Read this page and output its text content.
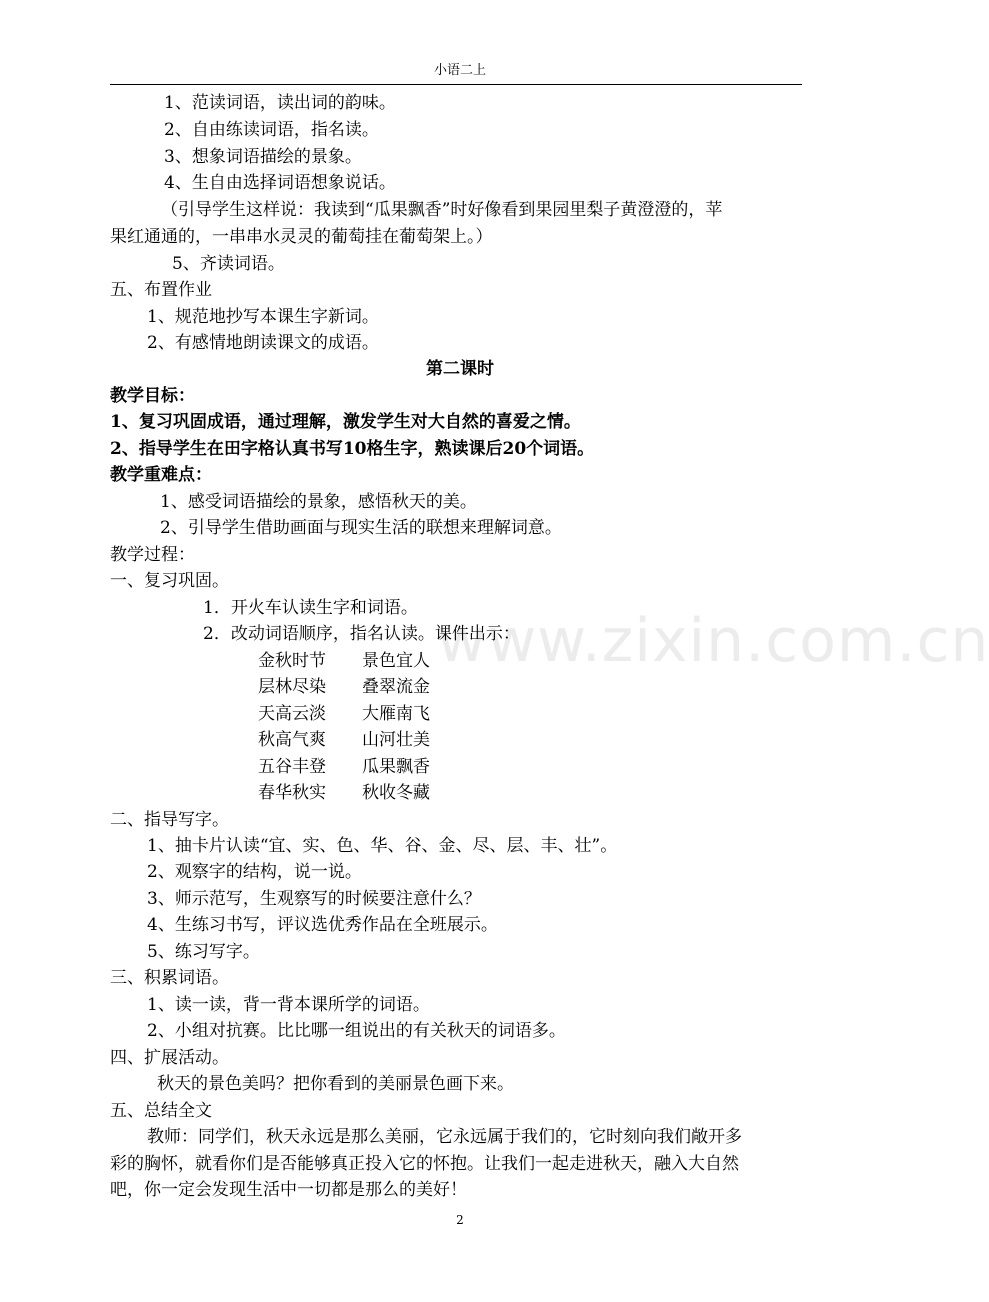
小语二上
www.zixin.com.cn
1、范读词语，读出词的韵味。
2、自由练读词语，指名读。
3、想象词语描绘的景象。
4、生自由选择词语想象说话。
（引导学生这样说：我读到“瓜果飘香”时好像看到果园里梨子黄澄澄的，苹
果红通通的，一串串水灵灵的葡萄挂在葡萄架上。）
5、齐读词语。
五、布置作业
1、规范地抄写本课生字新词。
2、有感情地朗读课文的成语。
第二课时
教学目标：
1、复习巩固成语，通过理解，激发学生对大自然的喜爱之情。
2、指导学生在田字格认真书写10格生字，熟读课后20个词语。
教学重难点：
1、感受词语描绘的景象，感悟秋天的美。
2、引导学生借助画面与现实生活的联想来理解词意。
教学过程：
一、复习巩固。
1．开火车认读生字和词语。
2．改动词语顺序，指名认读。课件出示：
金秋时节 景色宜人
层林尽染 叠翠流金
天高云淡 大雁南飞
秋高气爽 山河壮美
五谷丰登 瓜果飘香
春华秋实 秋收冬藏
二、指导写字。
1、抽卡片认读“宜、实、色、华、谷、金、尽、层、丰、壮”。
2、观察字的结构，说一说。
3、师示范写，生观察写的时候要注意什么？
4、生练习书写，评议选优秀作品在全班展示。
5、练习写字。
三、积累词语。
1、读一读，背一背本课所学的词语。
2、小组对抗赛。比比哪一组说出的有关秋天的词语多。
四、扩展活动。
秋天的景色美吗？把你看到的美丽景色画下来。
五、总结全文
教师：同学们，秋天永远是那么美丽，它永远属于我们的，它时刻向我们敞开多
彩的胸怀，就看你们是否能够真正投入它的怀抱。让我们一起走进秋天，融入大自然
吧，你一定会发现生活中一切都是那么的美好！
2
